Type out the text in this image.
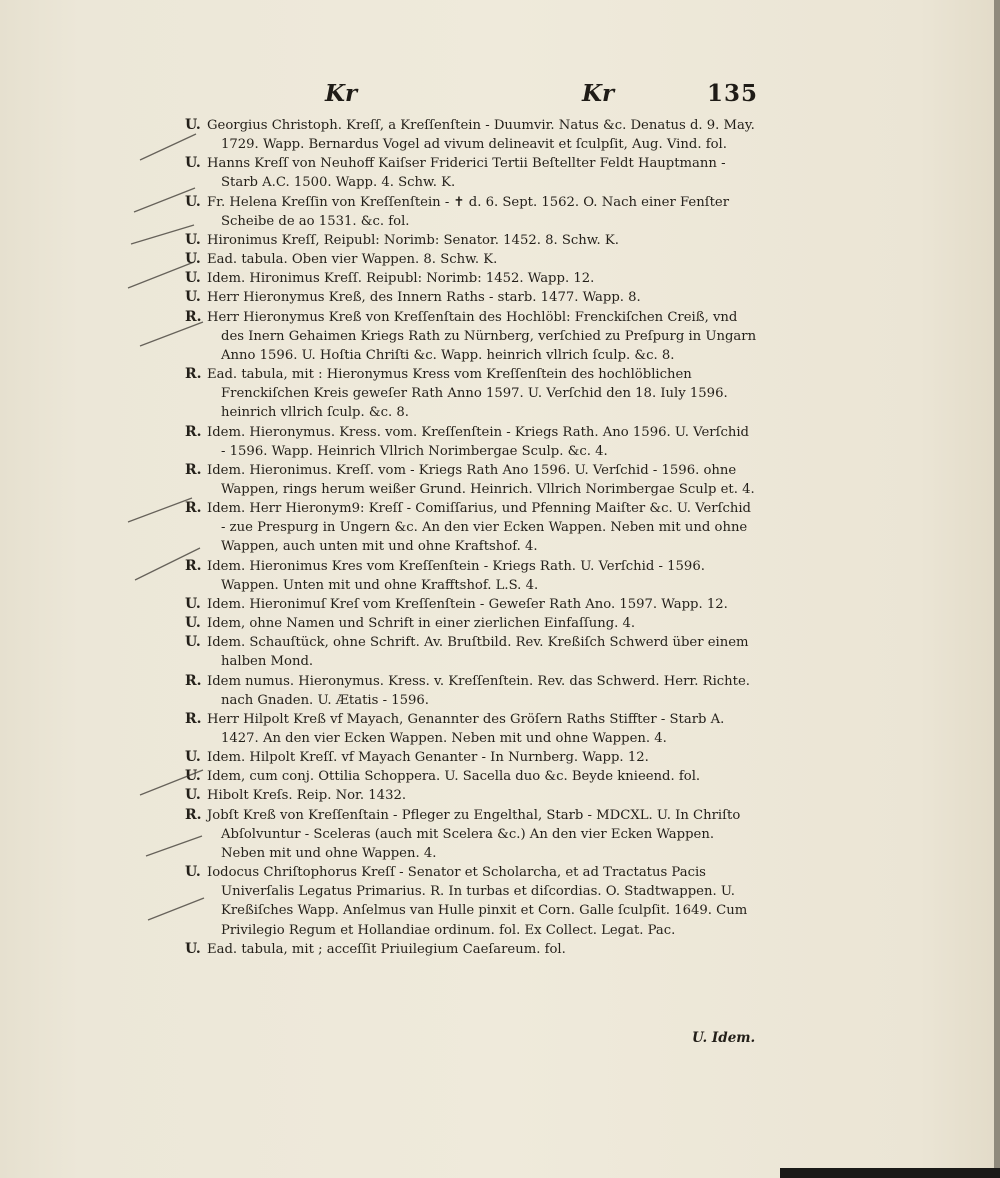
Kr	Kr	135

U. Georgius Christoph. Kreſſ, a Kreſſenſtein - Duumvir. Natus &c. Denatus d. 9. May. 1729. Wapp. Bernardus Vogel ad vivum delineavit et ſculpſit, Aug. Vind. fol.

U. Hanns Kreſſ von Neuhoff Kaiſser Friderici Tertii Beſtellter Feldt Hauptmann - Starb A.C. 1500. Wapp. 4. Schw. K.

U. Fr. Helena Kreſſin von Kreſſenſtein - ✝ d. 6. Sept. 1562. O. Nach einer Fenſter Scheibe de ao 1531. &c. fol.

U. Hironimus Kreſſ, Reipubl: Norimb: Senator. 1452. 8. Schw. K.

U. Ead. tabula. Oben vier Wappen. 8. Schw. K.

U. Idem. Hironimus Kreſſ. Reipubl: Norimb: 1452. Wapp. 12.

U. Herr Hieronymus Kreß, des Innern Raths - starb. 1477. Wapp. 8.

R. Herr Hieronymus Kreß von Kreſſenſtain des Hochlöbl: Frenckiſchen Creiß, vnd des Inern Gehaimen Kriegs Rath zu Nürnberg, verſchied zu Preſpurg in Ungarn Anno 1596. U. Hoſtia Chriſti &c. Wapp. heinrich vllrich ſculp. &c. 8.

R. Ead. tabula, mit : Hieronymus Kress vom Kreſſenſtein des hochlöblichen Frenckiſchen Kreis geweſer Rath Anno 1597. U. Verſchid den 18. Iuly 1596. heinrich vllrich ſculp. &c. 8.

R. Idem. Hieronymus. Kress. vom. Kreſſenſtein - Kriegs Rath. Ano 1596. U. Verſchid - 1596. Wapp. Heinrich Vllrich Norimbergae Sculp. &c. 4.

R. Idem. Hieronimus. Kreſſ. vom - Kriegs Rath Ano 1596. U. Verſchid - 1596. ohne Wappen, rings herum weißer Grund. Heinrich. Vllrich Norimbergae Sculp et. 4.

R. Idem. Herr Hieronym9: Kreſſ - Comiſſarius, und Pfenning Maiſter &c. U. Verſchid - zue Prespurg in Ungern &c. An den vier Ecken Wappen. Neben mit und ohne Wappen, auch unten mit und ohne Kraftshof. 4.

R. Idem. Hieronimus Kres vom Kreſſenſtein - Kriegs Rath. U. Verſchid - 1596. Wappen. Unten mit und ohne Krafftshof. L.S. 4.

U. Idem. Hieronimuſ Kreſ vom Kreſſenſtein - Geweſer Rath Ano. 1597. Wapp. 12.

U. Idem, ohne Namen und Schrift in einer zierlichen Einfaſſung. 4.

U. Idem. Schauſtück, ohne Schrift. Av. Bruſtbild. Rev. Kreßiſch Schwerd über einem halben Mond.

R. Idem numus. Hieronymus. Kress. v. Kreſſenſtein. Rev. das Schwerd. Herr. Richte. nach Gnaden. U. Ætatis - 1596.

R. Herr Hilpolt Kreß vf Mayach, Genannter des Gröſern Raths Stiffter - Starb A. 1427. An den vier Ecken Wappen. Neben mit und ohne Wappen. 4.

U. Idem. Hilpolt Kreſſ. vf Mayach Genanter - In Nurnberg. Wapp. 12.

U. Idem, cum conj. Ottilia Schoppera. U. Sacella duo &c. Beyde knieend. fol.

U. Hibolt Kreſs. Reip. Nor. 1432.

R. Jobſt Kreß von Kreſſenſtain - Pfleger zu Engelthal, Starb - MDCXL. U. In Chriſto Abſolvuntur - Sceleras (auch mit Scelera &c.) An den vier Ecken Wappen. Neben mit und ohne Wappen. 4.

U. Iodocus Chriſtophorus Kreſſ - Senator et Scholarcha, et ad Tractatus Pacis Univerſalis Legatus Primarius. R. In turbas et diſcordias. O. Stadtwappen. U. Kreßiſches Wapp. Anſelmus van Hulle pinxit et Corn. Galle ſculpſit. 1649. Cum Privilegio Regum et Hollandiae ordinum. fol. Ex Collect. Legat. Pac.

U. Ead. tabula, mit ; acceſſit Priuilegium Caeſareum. fol.

U. Idem.
